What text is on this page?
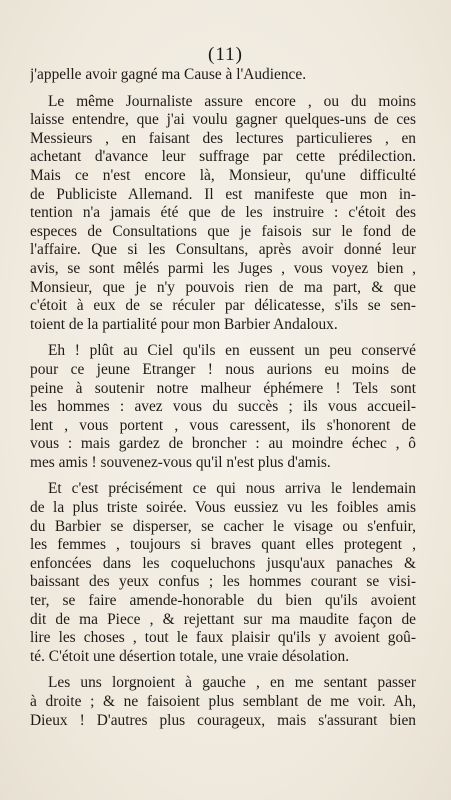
(11)
j'appelle avoir gagné ma Cause à l'Audience.
Le même Journaliste assure encore , ou du moins
laisse entendre, que j'ai voulu gagner quelques-uns de ces
Messieurs , en faisant des lectures particulieres , en
achetant d'avance leur suffrage par cette prédilection.
Mais ce n'est encore là, Monsieur, qu'une difficulté
de Publiciste Allemand. Il est manifeste que mon in-
tention n'a jamais été que de les instruire : c'étoit des
especes de Consultations que je faisois sur le fond de
l'affaire. Que si les Consultans, après avoir donné leur
avis, se sont mêlés parmi les Juges , vous voyez bien ,
Monsieur, que je n'y pouvois rien de ma part, & que
c'étoit à eux de se réculer par délicatesse, s'ils se sen-
toient de la partialité pour mon Barbier Andaloux.
Eh ! plût au Ciel qu'ils en eussent un peu conservé
pour ce jeune Etranger ! nous aurions eu moins de
peine à soutenir notre malheur éphémere ! Tels sont
les hommes : avez vous du succès ; ils vous accueil-
lent , vous portent , vous caressent, ils s'honorent de
vous : mais gardez de broncher : au moindre échec , ô
mes amis ! souvenez-vous qu'il n'est plus d'amis.
Et c'est précisément ce qui nous arriva le lendemain
de la plus triste soirée. Vous eussiez vu les foibles amis
du Barbier se disperser, se cacher le visage ou s'enfuir,
les femmes , toujours si braves quant elles protegent ,
enfoncées dans les coqueluchons jusqu'aux panaches &
baissant des yeux confus ; les hommes courant se visi-
ter, se faire amende-honorable du bien qu'ils avoient
dit de ma Piece , & rejettant sur ma maudite façon de
lire les choses , tout le faux plaisir qu'ils y avoient goû-
té. C'étoit une désertion totale, une vraie désolation.
Les uns lorgnoient à gauche , en me sentant passer
à droite ; & ne faisoient plus semblant de me voir. Ah,
Dieux ! D'autres plus courageux, mais s'assurant bien
